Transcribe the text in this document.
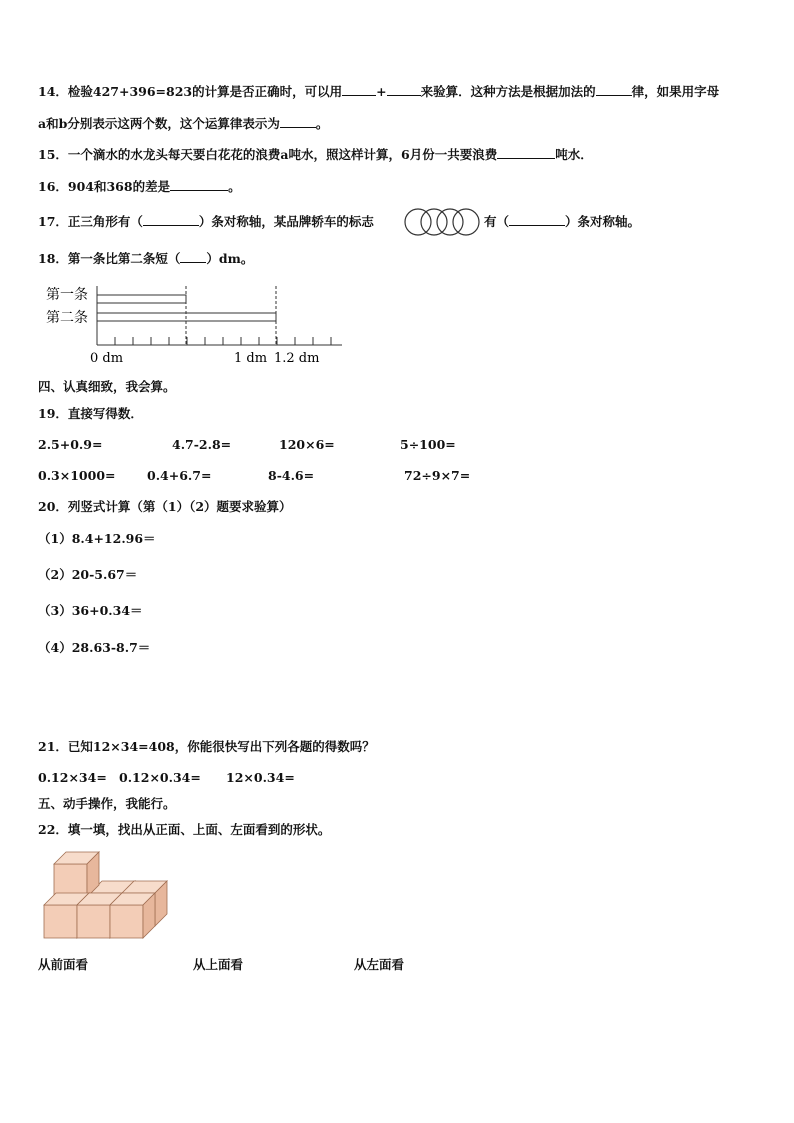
14．检验427+396=823的计算是否正确时，可以用	+	来验算．这种方法是根据加法的	律，如果用字母
a和b分别表示这两个数，这个运算律表示为	。
15．一个滴水的水龙头每天要白花花的浪费a吨水，照这样计算，6月份一共要浪费	吨水．
16．904和368的差是	。
17．正三角形有（	）条对称轴，某品牌轿车的标志	有（	）条对称轴。
18．第一条比第二条短（ ）dm。
第一条
第二条
0 dm	1 dm 1.2 dm
四、认真细致，我会算。
19．直接写得数．
2.5+0.9=	4.7-2.8=	120×6=	5÷100=
0.3×1000=	0.4+6.7=	8-4.6=	72÷9×7=
20．列竖式计算（第（1）（2）题要求验算）
（1）8.4+12.96＝
（2）20-5.67＝
（3）36+0.34＝
（4）28.63-8.7＝
21．已知12×34=408，你能很快写出下列各题的得数吗？
0.12×34= 0.12×0.34= 12×0.34=
五、动手操作，我能行。
22．填一填，找出从正面、上面、左面看到的形状。
从前面看	从上面看	从左面看
